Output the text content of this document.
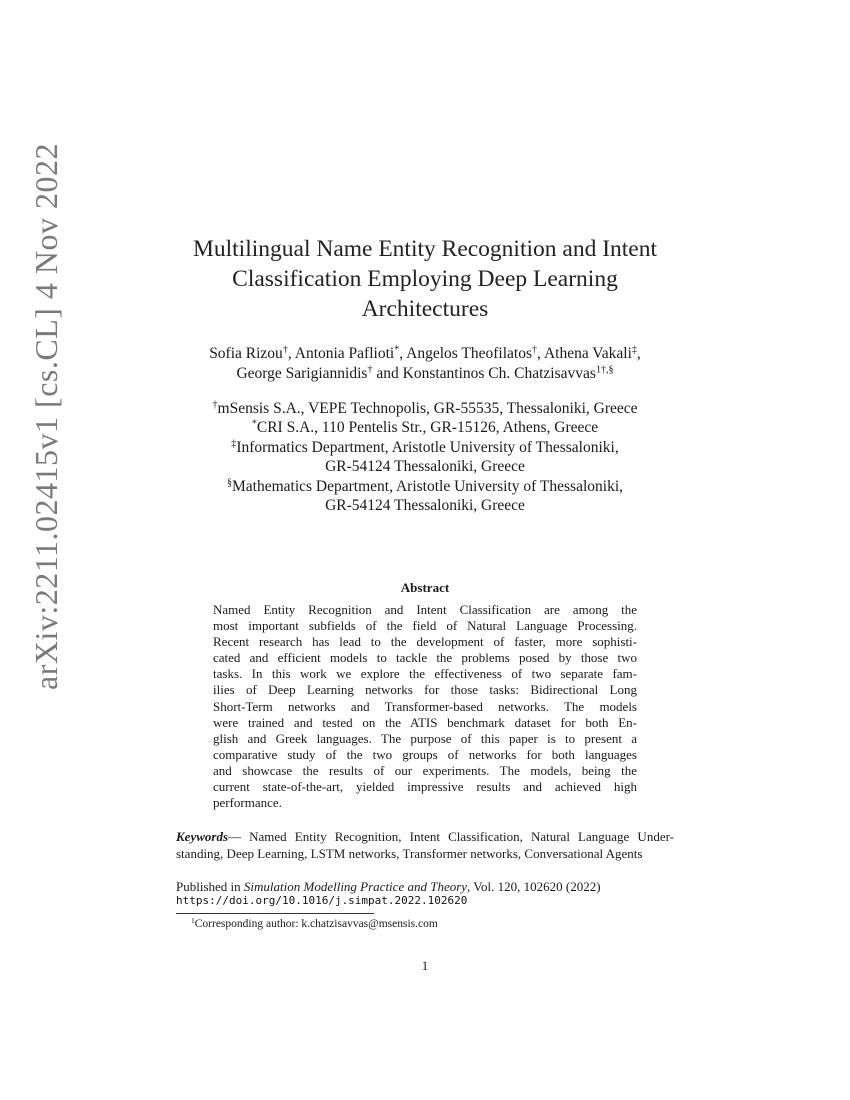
arXiv:2211.02415v1 [cs.CL] 4 Nov 2022	Multilingual Name Entity Recognition and Intent
Classification Employing Deep Learning
Architectures
Sofia Rizou†, Antonia Paflioti*, Angelos Theofilatos†, Athena Vakali‡,
George Sarigiannidis† and Konstantinos Ch. Chatzisavvas$^{1\dagger,\S}$
†mSensis S.A., VEPE Technopolis, GR-55535, Thessaloniki, Greece
*CRI S.A., 110 Pentelis Str., GR-15126, Athens, Greece
‡Informatics Department, Aristotle University of Thessaloniki,
GR-54124 Thessaloniki, Greece
§Mathematics Department, Aristotle University of Thessaloniki,
GR-54124 Thessaloniki, Greece
Abstract
Named Entity Recognition and Intent Classification are among the
most important subfields of the field of Natural Language Processing.
Recent research has lead to the development of faster, more sophisti-
cated and efficient models to tackle the problems posed by those two
tasks. In this work we explore the effectiveness of two separate fam-
ilies of Deep Learning networks for those tasks: Bidirectional Long
Short-Term networks and Transformer-based networks. The models
were trained and tested on the ATIS benchmark dataset for both En-
glish and Greek languages. The purpose of this paper is to present a
comparative study of the two groups of networks for both languages
and showcase the results of our experiments. The models, being the
current state-of-the-art, yielded impressive results and achieved high
performance.
Keywords— Named Entity Recognition, Intent Classification, Natural Language Under-
standing, Deep Learning, LSTM networks, Transformer networks, Conversational Agents
Published in Simulation Modelling Practice and Theory, Vol. 120, 102620 (2022)
https://doi.org/10.1016/j.simpat.2022.102620
$^1$Corresponding author: k.chatzisavvas@msensis.com
1
